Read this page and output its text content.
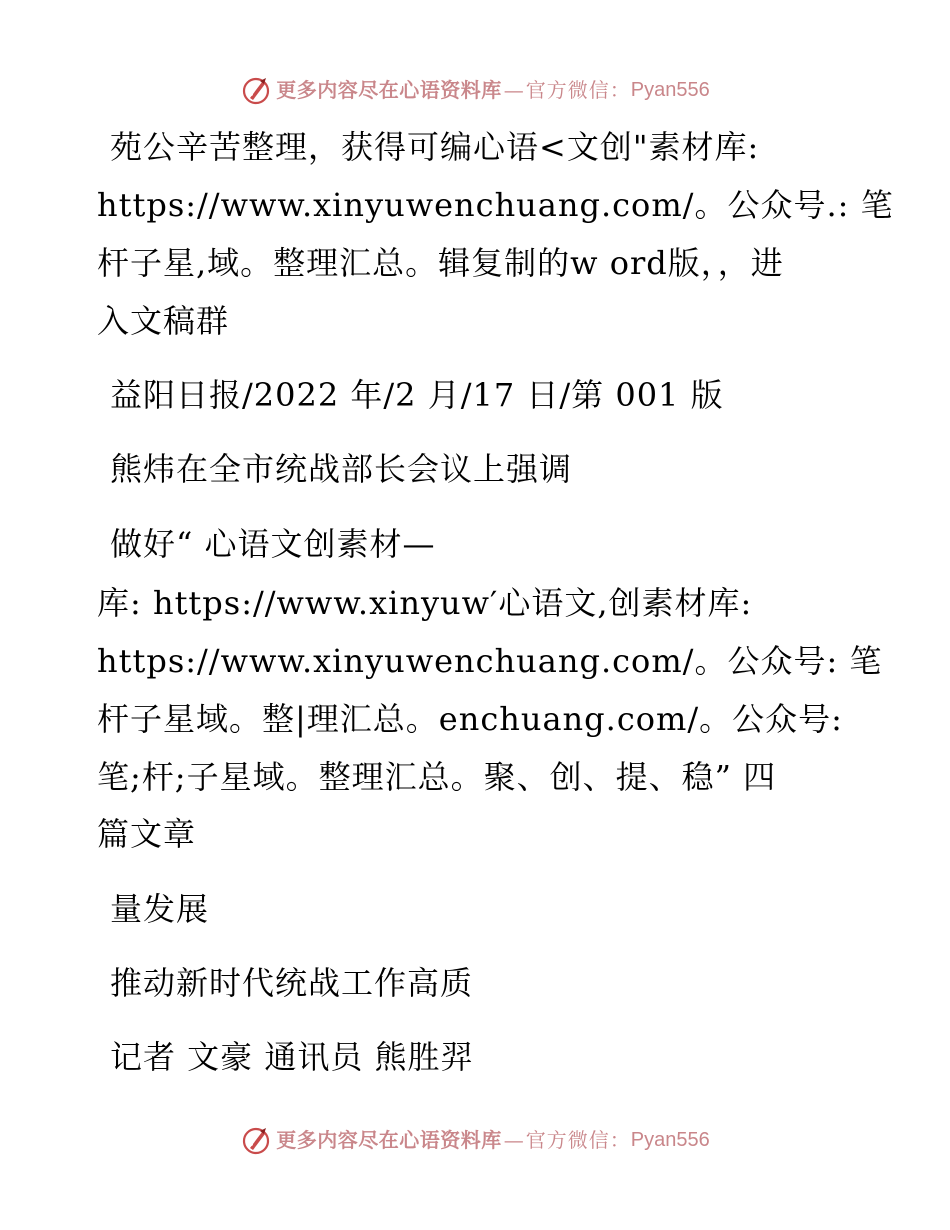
更多内容尽在心语资料库 — 官方微信： Pyan556
苑公辛苦整理，获得可编心语<文创"素材库:
https://www.xinyuwenchuang.com/。公众号.: 笔
杆子星,域。整理汇总。辑复制的w ord版，，进
入文稿群
益阳日报/2022 年/2 月/17 日/第 001 版
熊炜在全市统战部长会议上强调
做好“ 心语文创素材—
库: https://www.xinyuw′心语文,创素材库:
https://www.xinyuwenchuang.com/。公众号: 笔
杆子星域。整|理汇总。enchuang.com/。公众号:
笔;杆;子星域。整理汇总。聚、创、提、稳” 四
篇文章
量发展
推动新时代统战工作高质
记者 文豪 通讯员 熊胜羿
更多内容尽在心语资料库 — 官方微信： Pyan556
